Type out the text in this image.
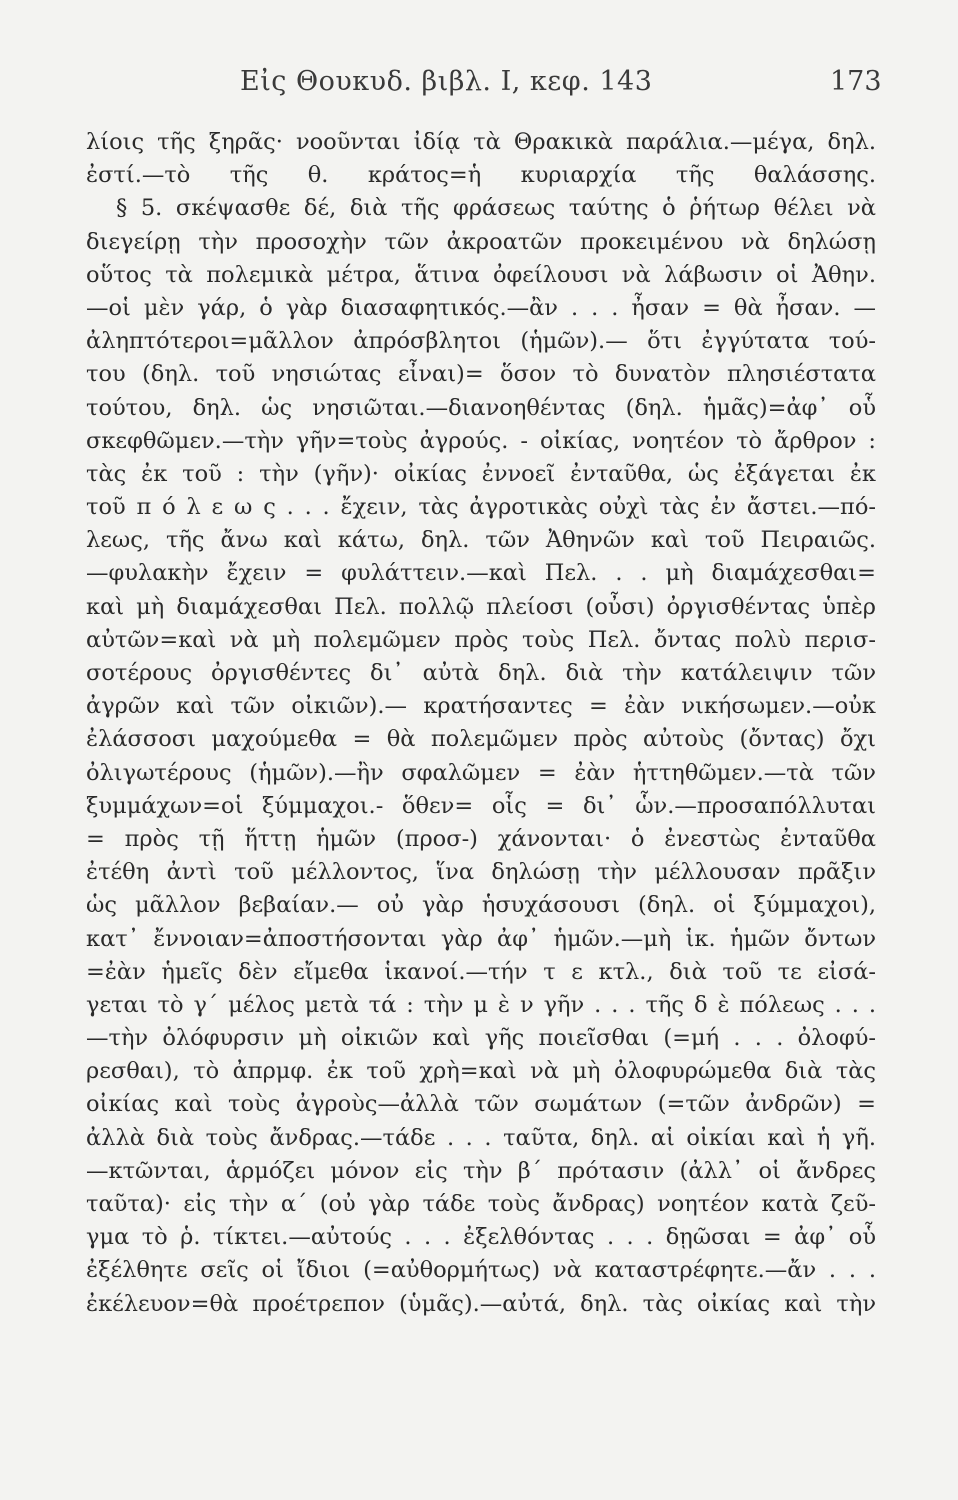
Εἰς Θουκυδ. βιβλ. I, κεφ. 143	173
λίοις τῆς ξηρᾶς· νοοῦνται ἰδίᾳ τὰ Θρακικὰ παράλια.—μέγα, δηλ.
ἐστί.—τὸ τῆς θ. κράτος=ἡ κυριαρχία τῆς θαλάσσης.
§ 5. σκέψασθε δέ, διὰ τῆς φράσεως ταύτης ὁ ῥήτωρ θέλει νὰ
διεγείρῃ τὴν προσοχὴν τῶν ἀκροατῶν προκειμένου νὰ δηλώσῃ
οὕτος τὰ πολεμικὰ μέτρα, ἅτινα ὀφείλουσι νὰ λάβωσιν οἱ Ἀθην.
—οἱ μὲν γάρ, ὁ γὰρ διασαφητικός.—ἂν . . . ἦσαν = θὰ ἦσαν. —
ἀληπτότεροι=μᾶλλον ἀπρόσβλητοι (ἡμῶν).— ὅτι ἐγγύτατα τού-
του (δηλ. τοῦ νησιώτας εἶναι)= ὅσον τὸ δυνατὸν πλησιέστατα
τούτου, δηλ. ὡς νησιῶται.—διανοηθέντας (δηλ. ἡμᾶς)=ἀφ᾽ οὗ
σκεφθῶμεν.—τὴν γῆν=τοὺς ἀγρούς. - οἰκίας, νοητέον τὸ ἄρθρον :
τὰς ἐκ τοῦ : τὴν (γῆν)· οἰκίας ἐννοεῖ ἐνταῦθα, ὡς ἐξάγεται ἐκ
τοῦ π ό λ ε ω ς . . . ἔχειν, τὰς ἀγροτικὰς οὐχὶ τὰς ἐν ἄστει.—πό-
λεως, τῆς ἄνω καὶ κάτω, δηλ. τῶν Ἀθηνῶν καὶ τοῦ Πειραιῶς.
—φυλακὴν ἔχειν = φυλάττειν.—καὶ Πελ. . . μὴ διαμάχεσθαι=
καὶ μὴ διαμάχεσθαι Πελ. πολλῷ πλείοσι (οὖσι) ὀργισθέντας ὑπὲρ
αὐτῶν=καὶ νὰ μὴ πολεμῶμεν πρὸς τοὺς Πελ. ὄντας πολὺ περισ-
σοτέρους ὀργισθέντες δι᾽ αὐτὰ δηλ. διὰ τὴν κατάλειψιν τῶν
ἀγρῶν καὶ τῶν οἰκιῶν).— κρατήσαντες = ἐὰν νικήσωμεν.—οὐκ
ἐλάσσοσι μαχούμεθα = θὰ πολεμῶμεν πρὸς αὐτοὺς (ὄντας) ὄχι
ὀλιγωτέρους (ἡμῶν).—ἢν σφαλῶμεν = ἐὰν ἡττηθῶμεν.—τὰ τῶν
ξυμμάχων=οἱ ξύμμαχοι.- ὅθεν= οἷς = δι᾽ ὧν.—προσαπόλλυται
= πρὸς τῇ ἥττῃ ἡμῶν (προσ-) χάνονται· ὁ ἐνεστὼς ἐνταῦθα
ἐτέθη ἀντὶ τοῦ μέλλοντος, ἵνα δηλώσῃ τὴν μέλλουσαν πρᾶξιν
ὡς μᾶλλον βεβαίαν.— οὐ γὰρ ἡσυχάσουσι (δηλ. οἱ ξύμμαχοι),
κατ᾽ ἔννοιαν=ἀποστήσονται γὰρ ἀφ᾽ ἡμῶν.—μὴ ἱκ. ἡμῶν ὄντων
=ἐὰν ἡμεῖς δὲν εἴμεθα ἱκανοί.—τήν τ ε κτλ., διὰ τοῦ τε εἰσά-
γεται τὸ γ´ μέλος μετὰ τά : τὴν μ ὲ ν γῆν . . . τῆς δ ὲ πόλεως . . .
—τὴν ὀλόφυρσιν μὴ οἰκιῶν καὶ γῆς ποιεῖσθαι (=μή . . . ὀλοφύ-
ρεσθαι), τὸ ἀπρμφ. ἐκ τοῦ χρὴ=καὶ νὰ μὴ ὀλοφυρώμεθα διὰ τὰς
οἰκίας καὶ τοὺς ἀγροὺς—ἀλλὰ τῶν σωμάτων (=τῶν ἀνδρῶν) =
ἀλλὰ διὰ τοὺς ἄνδρας.—τάδε . . . ταῦτα, δηλ. αἱ οἰκίαι καὶ ἡ γῆ.
—κτῶνται, ἁρμόζει μόνον εἰς τὴν β´ πρότασιν (ἀλλ᾽ οἱ ἄνδρες
ταῦτα)· εἰς τὴν α´ (οὐ γὰρ τάδε τοὺς ἄνδρας) νοητέον κατὰ ζεῦ-
γμα τὸ ῥ. τίκτει.—αὐτούς . . . ἐξελθόντας . . . δῃῶσαι = ἀφ᾽ οὗ
ἐξέλθητε σεῖς οἱ ἴδιοι (=αὐθορμήτως) νὰ καταστρέφητε.—ἄν . . .
ἐκέλευον=θὰ προέτρεπον (ὑμᾶς).—αὐτά, δηλ. τὰς οἰκίας καὶ τὴν
